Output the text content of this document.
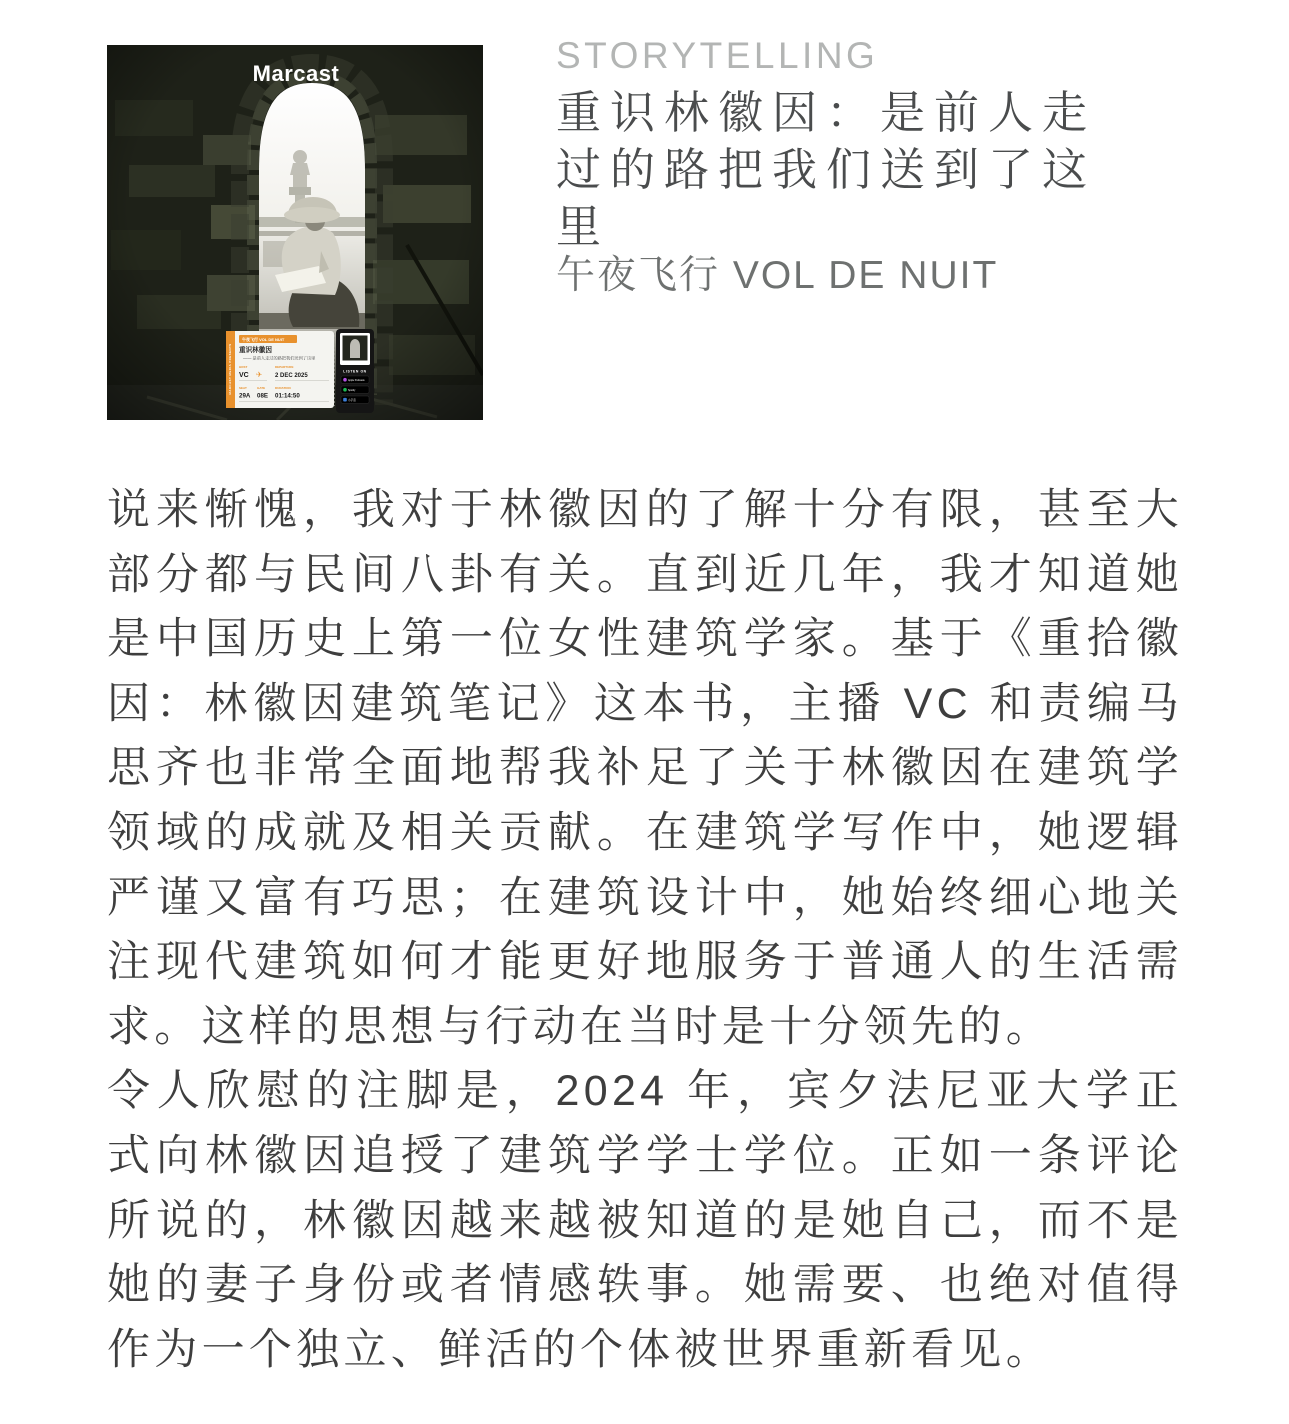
Marcast
LISTEN ON
Apple Podcasts
Spotify
小宇宙
MARCAST MEDIA PRESENTS
午夜飞行 VOL DE NUIT
重识林徽因
—— 是前人走过的路把我们送到了这里
HOST	DEPARTURE
VC ✈ 2 DEC 2025
SEAT	GATE	DURATION
29A 08E 01:14:50
STORYTELLING
重识林徽因：是前人走过的路把我们送到了这里
午夜飞行 VOL DE NUIT
说来惭愧，我对于林徽因的了解十分有限，甚至大
部分都与民间八卦有关。直到近几年，我才知道她
是中国历史上第一位女性建筑学家。基于《重拾徽
因：林徽因建筑笔记》这本书，主播 VC 和责编马
思齐也非常全面地帮我补足了关于林徽因在建筑学
领域的成就及相关贡献。在建筑学写作中，她逻辑
严谨又富有巧思；在建筑设计中，她始终细心地关
注现代建筑如何才能更好地服务于普通人的生活需
求。这样的思想与行动在当时是十分领先的。
令人欣慰的注脚是，2024 年，宾夕法尼亚大学正
式向林徽因追授了建筑学学士学位。正如一条评论
所说的，林徽因越来越被知道的是她自己，而不是
她的妻子身份或者情感轶事。她需要、也绝对值得
作为一个独立、鲜活的个体被世界重新看见。
